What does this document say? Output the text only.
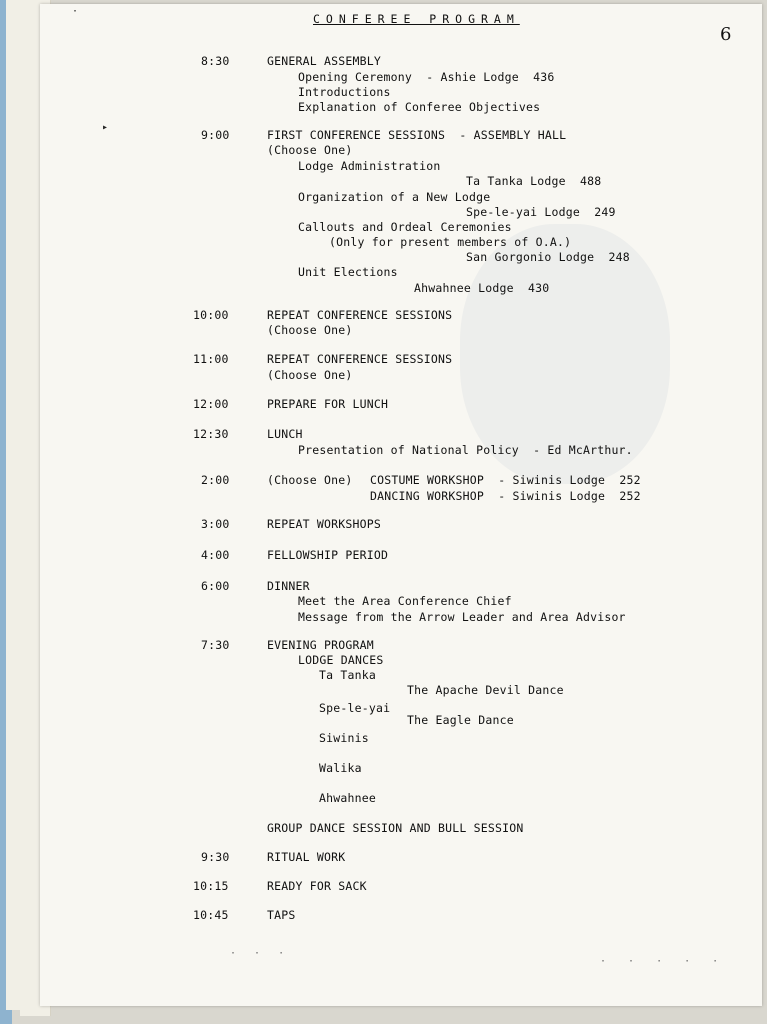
CONFEREE PROGRAM
6
·
▸
8:30	GENERAL ASSEMBLY
Opening Ceremony  - Ashie Lodge  436
Introductions
Explanation of Conferee Objectives
9:00	FIRST CONFERENCE SESSIONS  - ASSEMBLY HALL
(Choose One)
Lodge Administration
Ta Tanka Lodge  488
Organization of a New Lodge
Spe-le-yai Lodge  249
Callouts and Ordeal Ceremonies
(Only for present members of O.A.)
San Gorgonio Lodge  248
Unit Elections
Ahwahnee Lodge  430
10:00	REPEAT CONFERENCE SESSIONS
(Choose One)
11:00	REPEAT CONFERENCE SESSIONS
(Choose One)
12:00	PREPARE FOR LUNCH
12:30	LUNCH
Presentation of National Policy  - Ed McArthur.
2:00	(Choose One) COSTUME WORKSHOP  - Siwinis Lodge  252
DANCING WORKSHOP  - Siwinis Lodge  252
3:00	REPEAT WORKSHOPS
4:00	FELLOWSHIP PERIOD
6:00	DINNER
Meet the Area Conference Chief
Message from the Arrow Leader and Area Advisor
7:30	EVENING PROGRAM
LODGE DANCES
Ta Tanka
The Apache Devil Dance
Spe-le-yai
The Eagle Dance
Siwinis
Walika
Ahwahnee
GROUP DANCE SESSION AND BULL SESSION
9:30	RITUAL WORK
10:15	READY FOR SACK
10:45	TAPS
· · ·
· · · · ·
